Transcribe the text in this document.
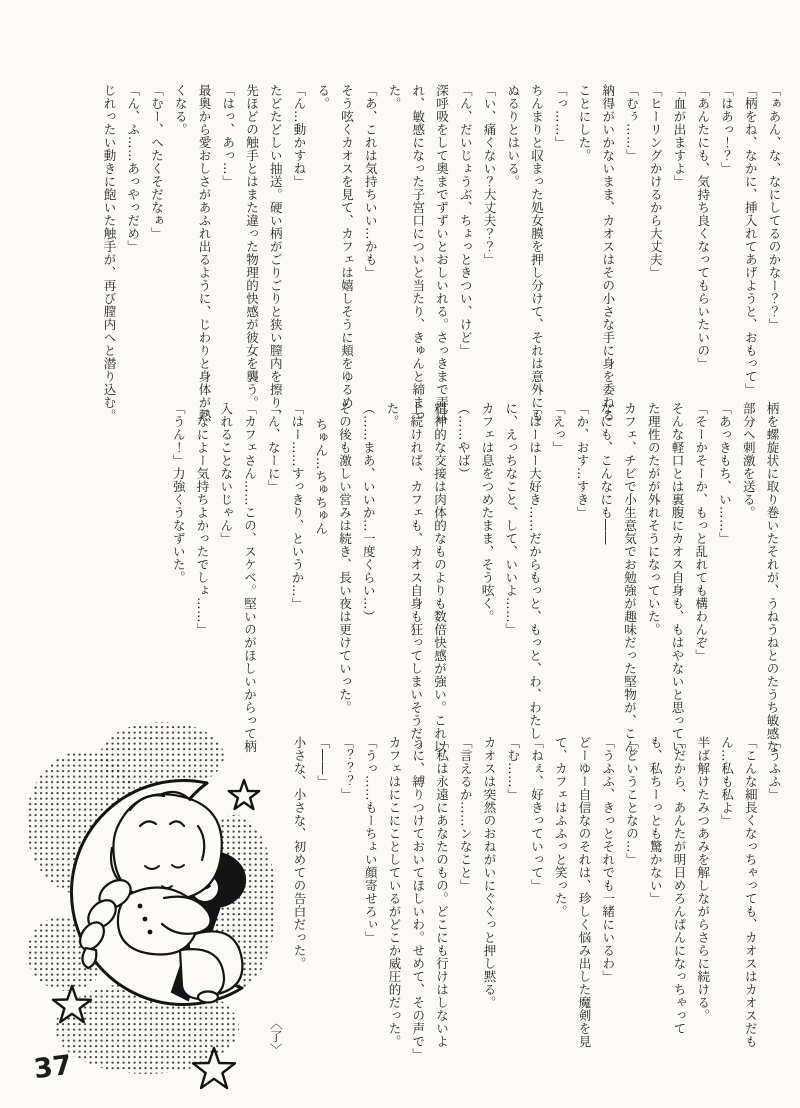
「ぁあん、な、なにしてるのかなー？？」

「柄をね、なかに、挿入れてあげようと、おもって」

「はあっ！？」

「あんたにも、気持ち良くなってもらいたいの」

「血が出ますよ」

「ヒーリングかけるから大丈夫」

「むぅ……」

納得がいかないまま、カオスはその小さな手に身を委ねることにした。

「っ……」

ちんまりと収まった処女膜を押し分けて、それは意外にもぬるりとはいる。

「い、痛くない？大丈夫？？」

「ん、だいじょうぶ、ちょっときつい、けど」

深呼吸をして奥までずずいとおしいれる。さっきまで弄ばれ、敏感になった子宮口についと当たり、きゅんと締まった。

「あ、これは気持ちいい…かも」

そう呟くカオスを見て、カフェは嬉しそうに頬をゆるめる。

「ん…動かすね」

たどたどしい抽送。硬い柄がごりごりと狭い膣内を擦り、先ほどの触手とはまた違った物理的快感が彼女を襲う。

「はっ、あっ…」

最奥から愛おしさがあふれ出るように、じわりと身体が熱くなる。

「むー、へたくそだなぁ」

「ん、ふ……あっやっだめ」

じれったい動きに飽いた触手が、再び膣内へと潜り込む。

柄を螺旋状に取り巻いたそれが、うねうねとのたうち敏感な部分へ刺激を送る。

「あっきもち、い……」

「そーかそーか、もっと乱れても構わんぞ」

そんな軽口とは裏腹にカオス自身も、もはやないと思っていた理性のたがが外れそうになっていた。

カフェ、チビで小生意気でお勉強が趣味だった堅物が、こんなにも、こんなにも――

「か、おす…すき」

「えっ」

「はーはー大好き……だからもっと、もっと、わ、わたしに、えっちなこと、して、いいよ……」

カフェは息をつめたまま、そう呟く。

（……やば）

精神的な交接は肉体的なものよりも数倍快感が強い。これ以上続ければ、カフェも、カオス自身も狂ってしまいそうだった。

（……まあ、いいか…一度くらい…）

その後も激しい営みは続き、長い夜は更けていった。

ちゅん…ちゅちゅん

「はー……すっきり、というか…」

「ん、なーに」

「カフェさん……この、スケベ。堅いのがほしいからって柄入れることないじゃん」

「なによー気持ちよかったでしょ……」

「うん！」力強くうなずいた。

「うふふ」

「こんな細長くなっちゃっても、カオスはカオスだもん…私も私よ」

半ば解けたみつあみを解しながらさらに続ける。

「だから、あんたが明日めろんぱんになっちゃっても、私ちーっとも驚かない」

「どいうことなの…」

「うふふ、きっとそれでも一緒にいるわ」

どーゆー自信なのそれは、珍しく悩み出した魔剣を見て、カフェはふふっと笑った。

「ねぇ、好きっていって」

「む……」

カオスは突然のおねがいにぐぐっと押し黙る。

「言えるか……ンなこと」

「私は永遠にあなたのもの。どこにも行けはしないように、縛りつけておいてほしいわ。せめて、その声で」

カフェはにこにことしているがどこか威圧的だった。

「うっ……もーちょい顔寄せろぃ」

「？？？」

「――」

小さな、小さな、初めての告白だった。

〈了〉

37
